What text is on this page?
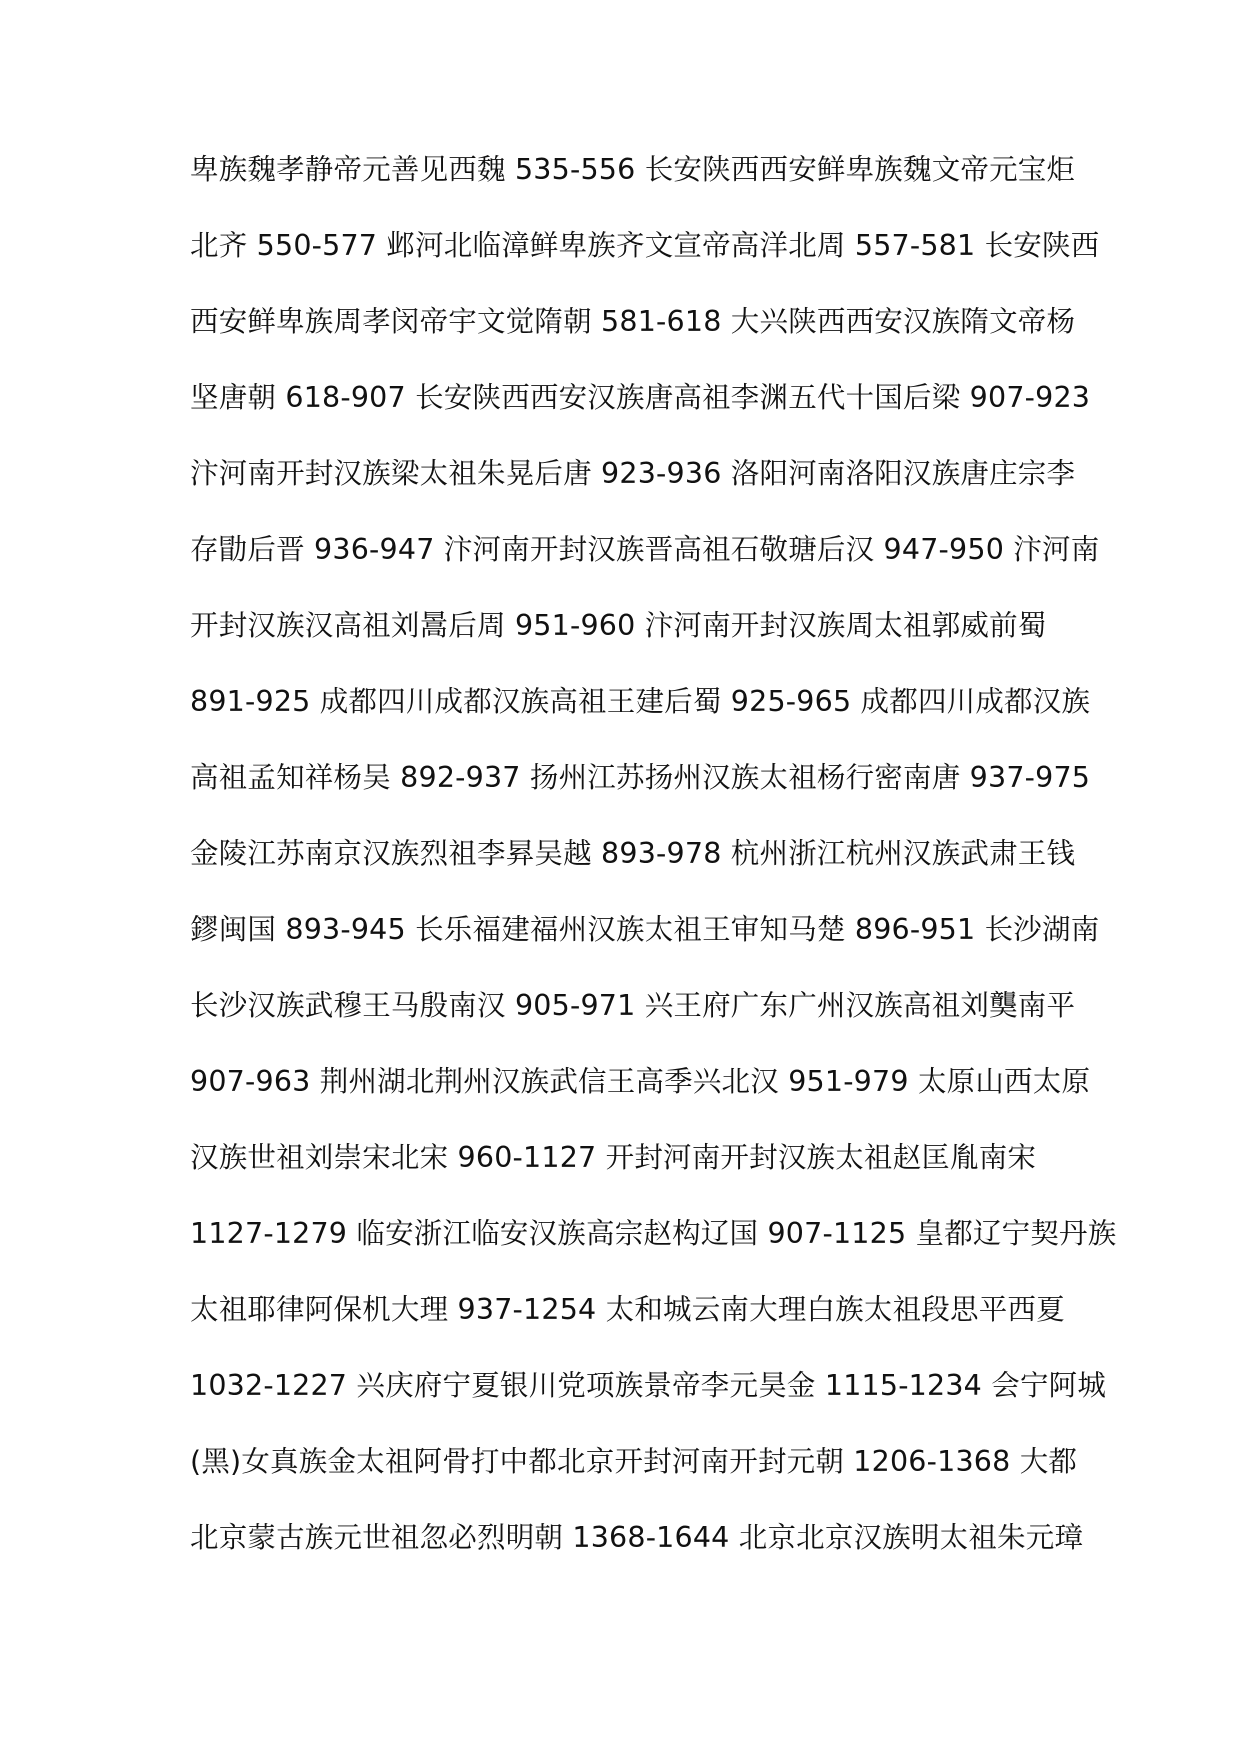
卑族魏孝静帝元善见西魏 535-556 长安陕西西安鲜卑族魏文帝元宝炬
北齐 550-577 邺河北临漳鲜卑族齐文宣帝高洋北周 557-581 长安陕西
西安鲜卑族周孝闵帝宇文觉隋朝 581-618 大兴陕西西安汉族隋文帝杨
坚唐朝 618-907 长安陕西西安汉族唐高祖李渊五代十国后梁 907-923
汴河南开封汉族梁太祖朱晃后唐 923-936 洛阳河南洛阳汉族唐庄宗李
存勖后晋 936-947 汴河南开封汉族晋高祖石敬瑭后汉 947-950 汴河南
开封汉族汉高祖刘暠后周 951-960 汴河南开封汉族周太祖郭威前蜀
891-925 成都四川成都汉族高祖王建后蜀 925-965 成都四川成都汉族
高祖孟知祥杨吴 892-937 扬州江苏扬州汉族太祖杨行密南唐 937-975
金陵江苏南京汉族烈祖李昪吴越 893-978 杭州浙江杭州汉族武肃王钱
鏐闽国 893-945 长乐福建福州汉族太祖王审知马楚 896-951 长沙湖南
长沙汉族武穆王马殷南汉 905-971 兴王府广东广州汉族高祖刘龑南平
907-963 荆州湖北荆州汉族武信王高季兴北汉 951-979 太原山西太原
汉族世祖刘崇宋北宋 960-1127 开封河南开封汉族太祖赵匡胤南宋
1127-1279 临安浙江临安汉族高宗赵构辽国 907-1125 皇都辽宁契丹族
太祖耶律阿保机大理 937-1254 太和城云南大理白族太祖段思平西夏
1032-1227 兴庆府宁夏银川党项族景帝李元昊金 1115-1234 会宁阿城
(黑)女真族金太祖阿骨打中都北京开封河南开封元朝 1206-1368 大都
北京蒙古族元世祖忽必烈明朝 1368-1644 北京北京汉族明太祖朱元璋
